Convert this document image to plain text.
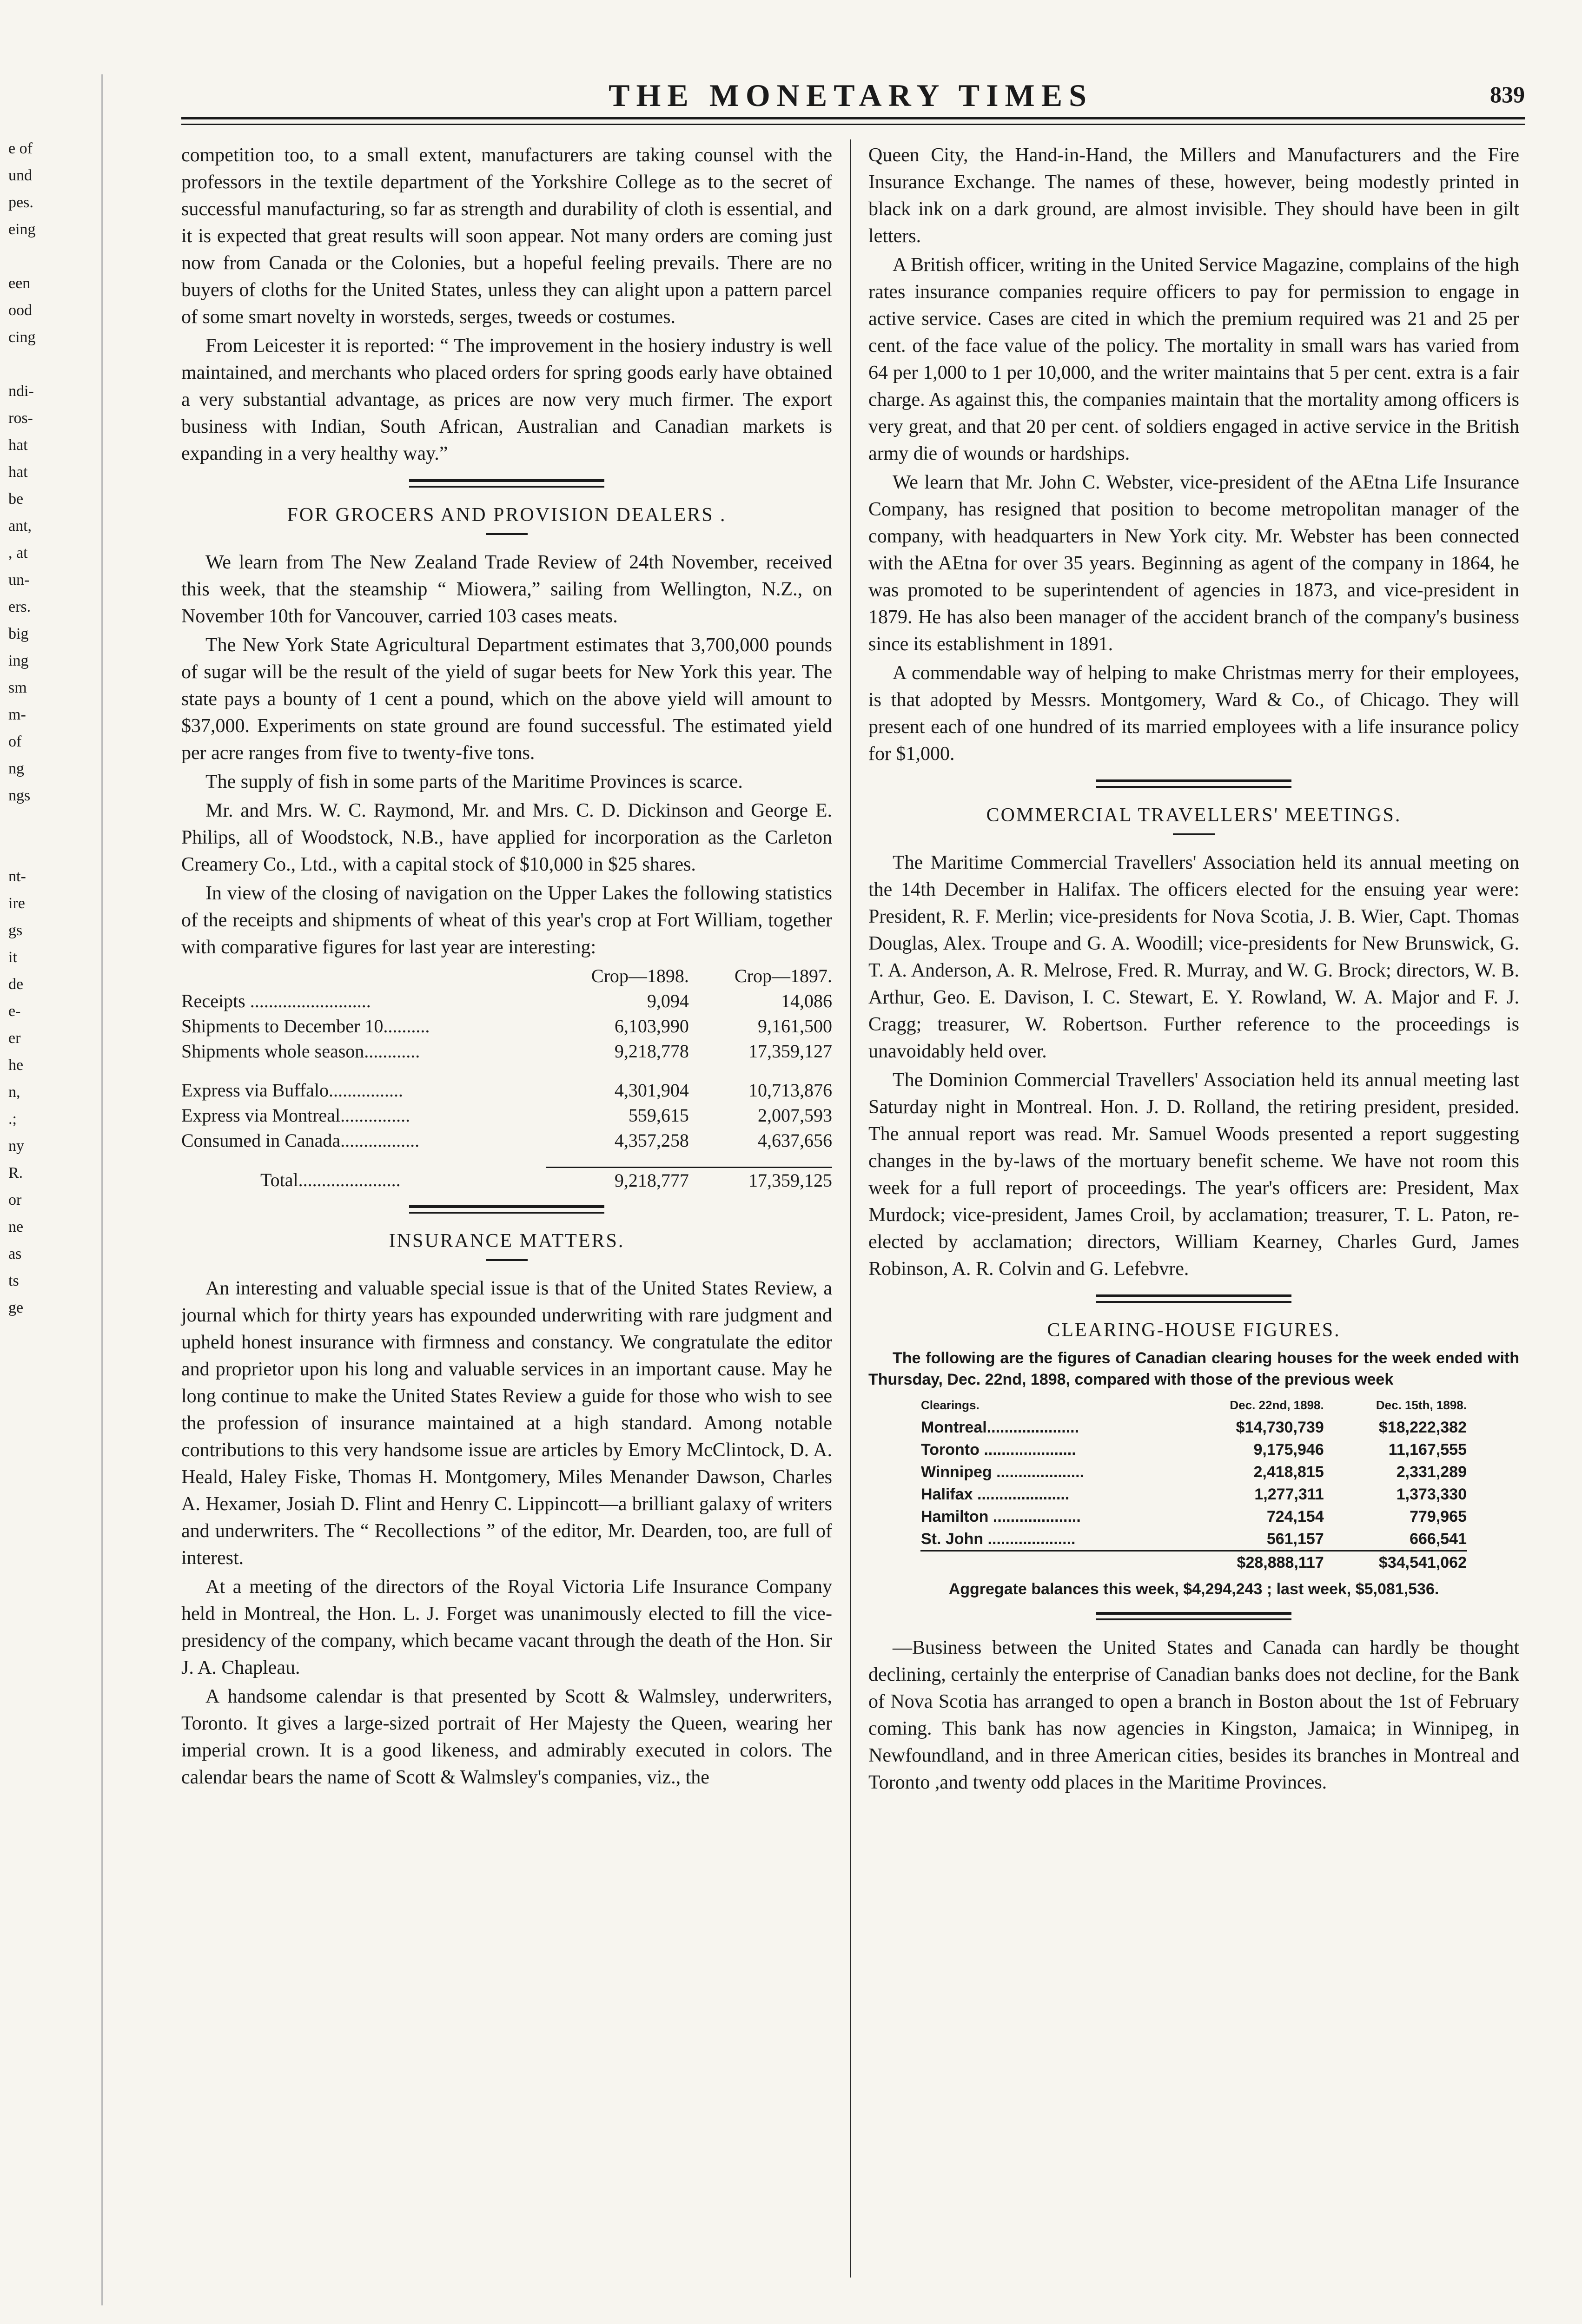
e of
und
pes.
eing
een
ood
cing
ndi-
ros-
hat
hat
be
ant,
, at
un-
ers.
big
ing
sm
m-
of
ng
ngs
nt-
ire
gs
it
de
e-
er
he
n,
.;
ny
R.
or
ne
as
ts
ge
THE MONETARY TIMES	839

competition too, to a small extent, manufacturers are taking counsel with the professors in the textile department of the Yorkshire College as to the secret of successful manufacturing, so far as strength and durability of cloth is essential, and it is expected that great results will soon appear. Not many orders are coming just now from Canada or the Colonies, but a hopeful feeling prevails. There are no buyers of cloths for the United States, unless they can alight upon a pattern parcel of some smart novelty in worsteds, serges, tweeds or costumes.

From Leicester it is reported: “ The improvement in the hosiery industry is well maintained, and merchants who placed orders for spring goods early have obtained a very substantial advantage, as prices are now very much firmer. The export business with Indian, South African, Australian and Canadian markets is expanding in a very healthy way.”

FOR GROCERS AND PROVISION DEALERS .

We learn from The New Zealand Trade Review of 24th November, received this week, that the steamship “ Miowera,” sailing from Wellington, N.Z., on November 10th for Vancouver, carried 103 cases meats.

The New York State Agricultural Department estimates that 3,700,000 pounds of sugar will be the result of the yield of sugar beets for New York this year. The state pays a bounty of 1 cent a pound, which on the above yield will amount to $37,000. Experiments on state ground are found successful. The estimated yield per acre ranges from five to twenty-five tons.

The supply of fish in some parts of the Maritime Provinces is scarce.

Mr. and Mrs. W. C. Raymond, Mr. and Mrs. C. D. Dickinson and George E. Philips, all of Woodstock, N.B., have applied for incorporation as the Carleton Creamery Co., Ltd., with a capital stock of $10,000 in $25 shares.

In view of the closing of navigation on the Upper Lakes the following statistics of the receipts and shipments of wheat of this year's crop at Fort William, together with comparative figures for last year are interesting:

	Crop—1898.	Crop—1897.
Receipts ..........................	9,094	14,086
Shipments to December 10..........	6,103,990	9,161,500
Shipments whole season............	9,218,778	17,359,127

Express via Buffalo................	4,301,904	10,713,876
Express via Montreal...............	559,615	2,007,593
Consumed in Canada.................	4,357,258	4,637,656

Total......................	9,218,777	17,359,125
INSURANCE MATTERS.

An interesting and valuable special issue is that of the United States Review, a journal which for thirty years has expounded underwriting with rare judgment and upheld honest insurance with firmness and constancy. We congratulate the editor and proprietor upon his long and valuable services in an important cause. May he long continue to make the United States Review a guide for those who wish to see the profession of insurance maintained at a high standard. Among notable contributions to this very handsome issue are articles by Emory McClintock, D. A. Heald, Haley Fiske, Thomas H. Montgomery, Miles Menander Dawson, Charles A. Hexamer, Josiah D. Flint and Henry C. Lippincott—a brilliant galaxy of writers and underwriters. The “ Recollections ” of the editor, Mr. Dearden, too, are full of interest.

At a meeting of the directors of the Royal Victoria Life Insurance Company held in Montreal, the Hon. L. J. Forget was unanimously elected to fill the vice-presidency of the company, which became vacant through the death of the Hon. Sir J. A. Chapleau.

A handsome calendar is that presented by Scott & Walmsley, underwriters, Toronto. It gives a large-sized portrait of Her Majesty the Queen, wearing her imperial crown. It is a good likeness, and admirably executed in colors. The calendar bears the name of Scott & Walmsley's companies, viz., the

Queen City, the Hand-in-Hand, the Millers and Manufacturers and the Fire Insurance Exchange. The names of these, however, being modestly printed in black ink on a dark ground, are almost invisible. They should have been in gilt letters.

A British officer, writing in the United Service Magazine, complains of the high rates insurance companies require officers to pay for permission to engage in active service. Cases are cited in which the premium required was 21 and 25 per cent. of the face value of the policy. The mortality in small wars has varied from 64 per 1,000 to 1 per 10,000, and the writer maintains that 5 per cent. extra is a fair charge. As against this, the companies maintain that the mortality among officers is very great, and that 20 per cent. of soldiers engaged in active service in the British army die of wounds or hardships.

We learn that Mr. John C. Webster, vice-president of the AEtna Life Insurance Company, has resigned that position to become metropolitan manager of the company, with headquarters in New York city. Mr. Webster has been connected with the AEtna for over 35 years. Beginning as agent of the company in 1864, he was promoted to be superintendent of agencies in 1873, and vice-president in 1879. He has also been manager of the accident branch of the company's business since its establishment in 1891.

A commendable way of helping to make Christmas merry for their employees, is that adopted by Messrs. Montgomery, Ward & Co., of Chicago. They will present each of one hundred of its married employees with a life insurance policy for $1,000.

COMMERCIAL TRAVELLERS' MEETINGS.

The Maritime Commercial Travellers' Association held its annual meeting on the 14th December in Halifax. The officers elected for the ensuing year were: President, R. F. Merlin; vice-presidents for Nova Scotia, J. B. Wier, Capt. Thomas Douglas, Alex. Troupe and G. A. Woodill; vice-presidents for New Brunswick, G. T. A. Anderson, A. R. Melrose, Fred. R. Murray, and W. G. Brock; directors, W. B. Arthur, Geo. E. Davison, I. C. Stewart, E. Y. Rowland, W. A. Major and F. J. Cragg; treasurer, W. Robertson. Further reference to the proceedings is unavoidably held over.

The Dominion Commercial Travellers' Association held its annual meeting last Saturday night in Montreal. Hon. J. D. Rolland, the retiring president, presided. The annual report was read. Mr. Samuel Woods presented a report suggesting changes in the by-laws of the mortuary benefit scheme. We have not room this week for a full report of proceedings. The year's officers are: President, Max Murdock; vice-president, James Croil, by acclamation; treasurer, T. L. Paton, re-elected by acclamation; directors, William Kearney, Charles Gurd, James Robinson, A. R. Colvin and G. Lefebvre.

CLEARING-HOUSE FIGURES.
The following are the figures of Canadian clearing houses for the week ended with Thursday, Dec. 22nd, 1898, compared with those of the previous week
Clearings.	Dec. 22nd, 1898.	Dec. 15th, 1898.
Montreal.....................	$14,730,739	$18,222,382
Toronto .....................	9,175,946	11,167,555
Winnipeg ....................	2,418,815	2,331,289
Halifax .....................	1,277,311	1,373,330
Hamilton ....................	724,154	779,965
St. John ....................	561,157	666,541
	$28,888,117	$34,541,062
Aggregate balances this week, $4,294,243 ; last week, $5,081,536.

—Business between the United States and Canada can hardly be thought declining, certainly the enterprise of Canadian banks does not decline, for the Bank of Nova Scotia has arranged to open a branch in Boston about the 1st of February coming. This bank has now agencies in Kingston, Jamaica; in Winnipeg, in Newfoundland, and in three American cities, besides its branches in Montreal and Toronto ,and twenty odd places in the Maritime Provinces.
